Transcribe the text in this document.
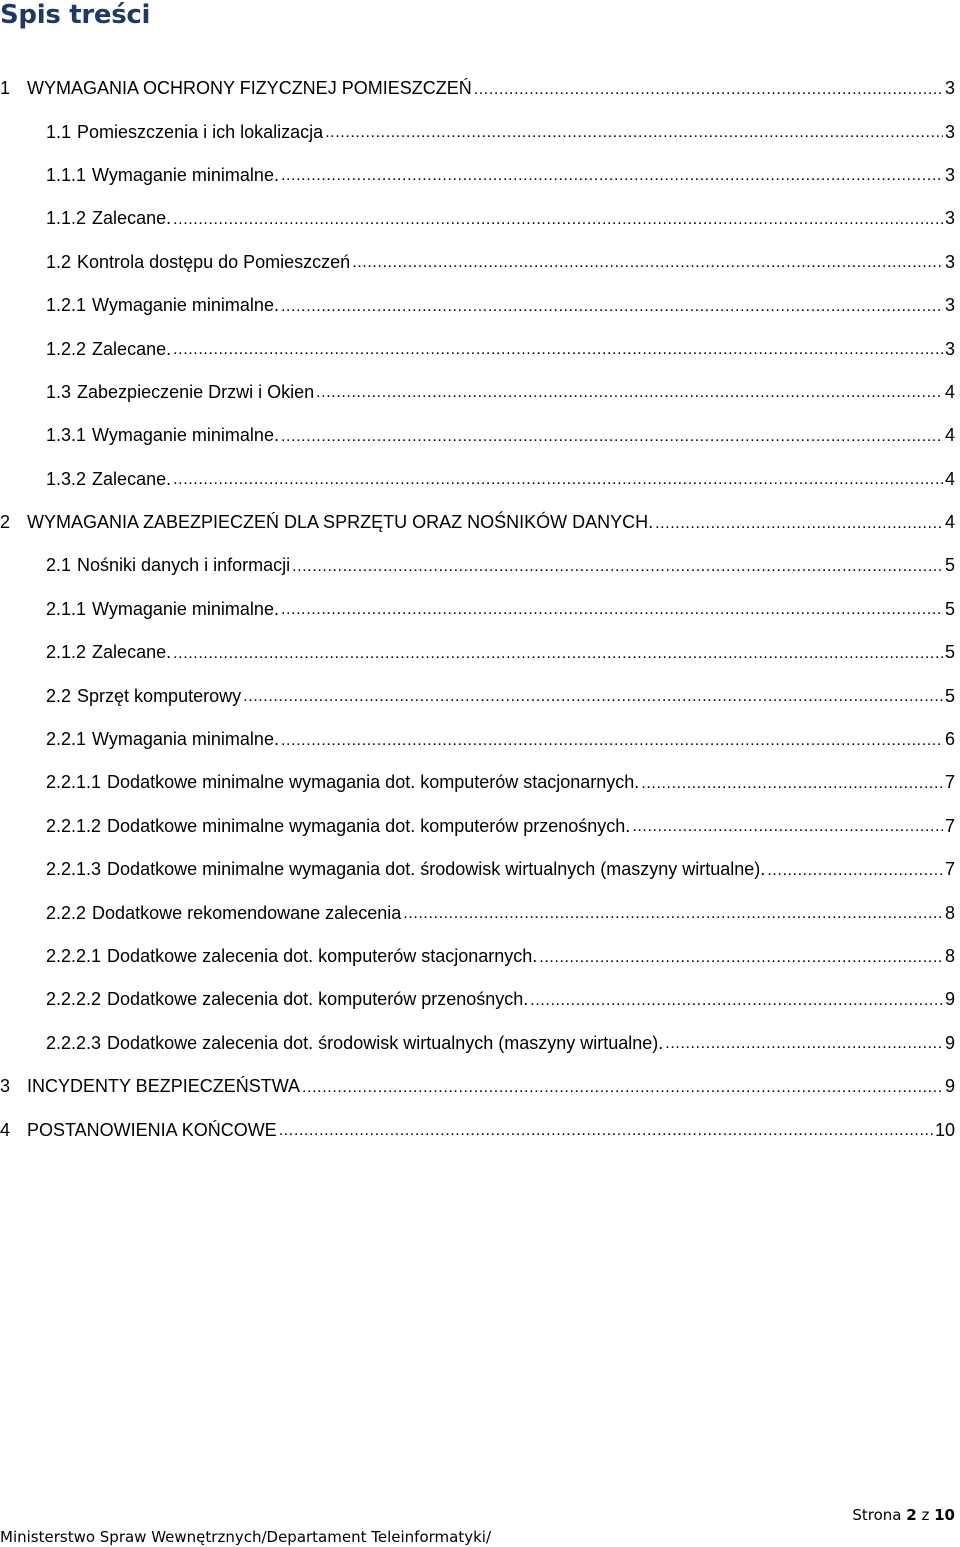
Spis treści
1 WYMAGANIA OCHRONY FIZYCZNEJ POMIESZCZEŃ .....	3
1.1 Pomieszczenia i ich lokalizacja .....	3
1.1.1 Wymaganie minimalne. .....	3
1.1.2 Zalecane. .....	3
1.2 Kontrola dostępu do Pomieszczeń .....	3
1.2.1 Wymaganie minimalne. .....	3
1.2.2 Zalecane. .....	3
1.3 Zabezpieczenie Drzwi i Okien .....	4
1.3.1 Wymaganie minimalne. .....	4
1.3.2 Zalecane. .....	4
2 WYMAGANIA ZABEZPIECZEŃ DLA SPRZĘTU ORAZ NOŚNIKÓW DANYCH. .....	4
2.1 Nośniki danych i informacji .....	5
2.1.1 Wymaganie minimalne. .....	5
2.1.2 Zalecane. .....	5
2.2 Sprzęt komputerowy .....	5
2.2.1 Wymagania minimalne. .....	6
2.2.1.1 Dodatkowe minimalne wymagania dot. komputerów stacjonarnych. .....	7
2.2.1.2 Dodatkowe minimalne wymagania dot. komputerów przenośnych. .....	7
2.2.1.3 Dodatkowe minimalne wymagania dot. środowisk wirtualnych (maszyny wirtualne). .....	7
2.2.2 Dodatkowe rekomendowane zalecenia .....	8
2.2.2.1 Dodatkowe zalecenia dot. komputerów stacjonarnych. .....	8
2.2.2.2 Dodatkowe zalecenia dot. komputerów przenośnych. .....	9
2.2.2.3 Dodatkowe zalecenia dot. środowisk wirtualnych (maszyny wirtualne). .....	9
3 INCYDENTY BEZPIECZEŃSTWA .....	9
4 POSTANOWIENIA KOŃCOWE .....	10
Strona 2 z 10
Ministerstwo Spraw Wewnętrznych/Departament Teleinformatyki/
